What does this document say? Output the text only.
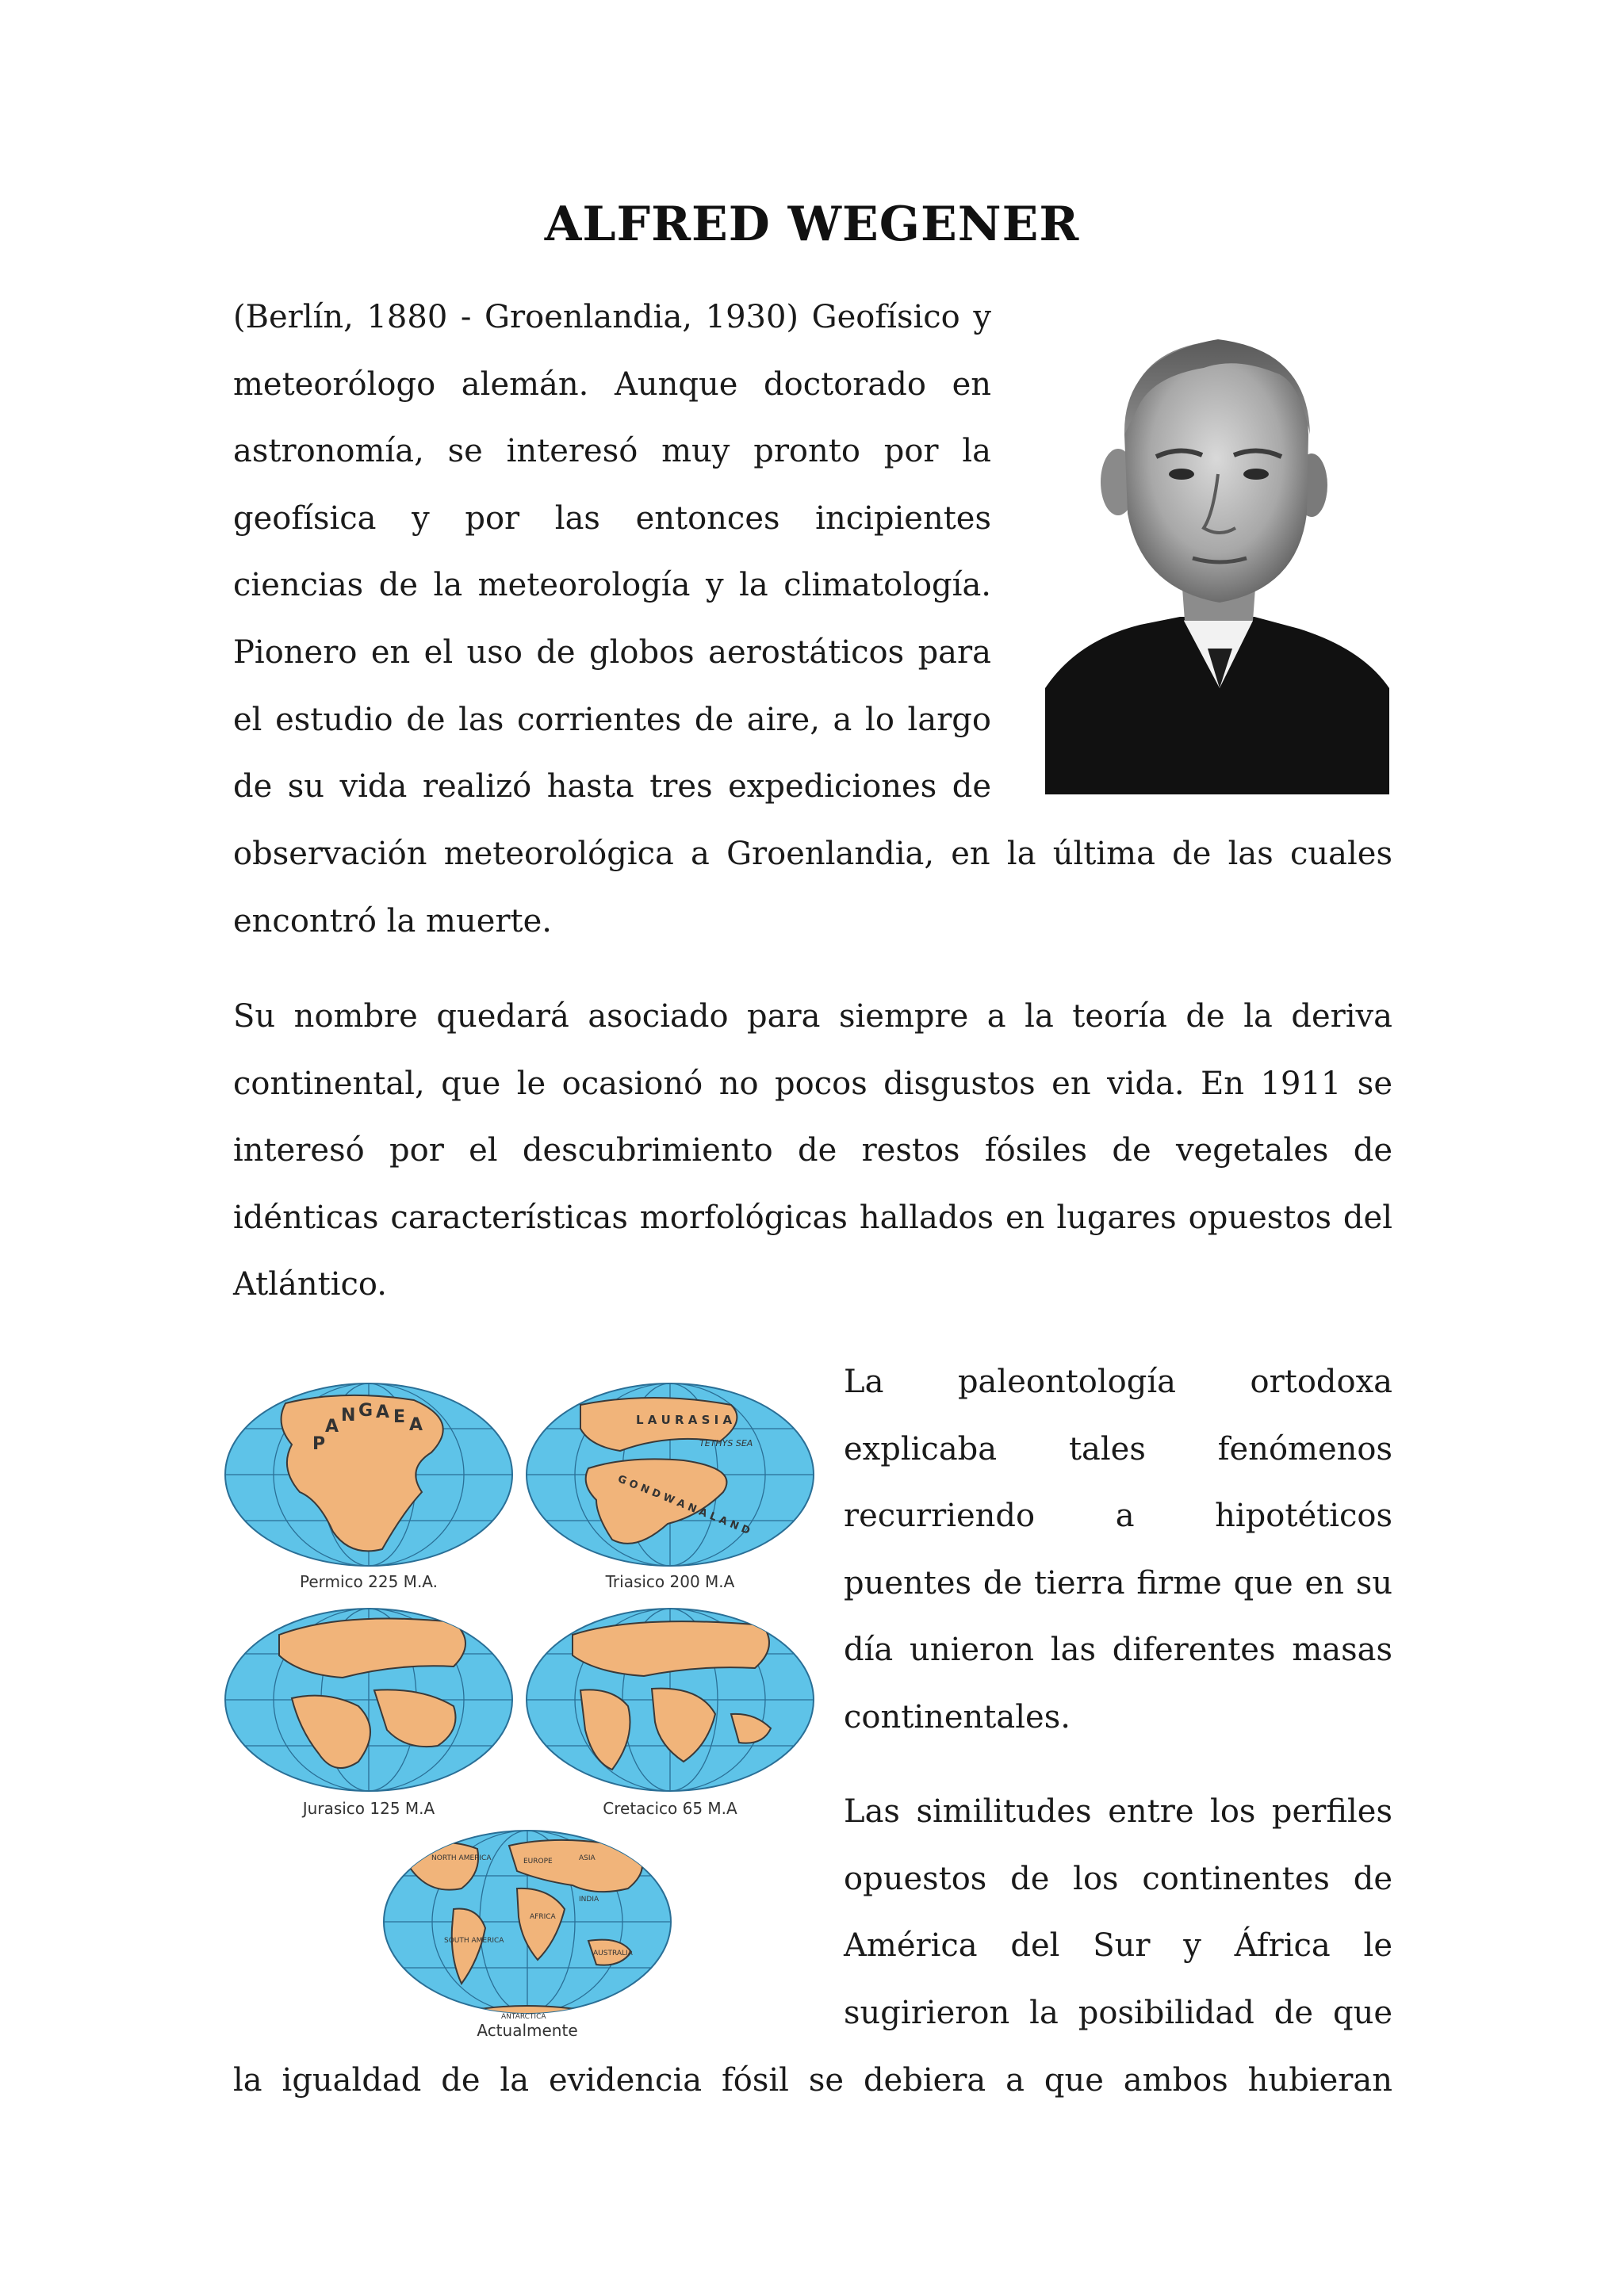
ALFRED WEGENER
(Berlín, 1880 - Groenlandia, 1930) Geofísico y
meteorólogo alemán. Aunque doctorado en
astronomía, se interesó muy pronto por la
geofísica y por las entonces incipientes
ciencias de la meteorología y la climatología.
Pionero en el uso de globos aerostáticos para
el estudio de las corrientes de aire, a lo largo
de su vida realizó hasta tres expediciones de

observación meteorológica a Groenlandia, en la última de las cuales encontró la muerte.

Su nombre quedará asociado para siempre a la teoría de la deriva continental, que le ocasionó no pocos disgustos en vida. En 1911 se interesó por el descubrimiento de restos fósiles de vegetales de idénticas características morfológicas hallados en lugares opuestos del Atlántico.

P
A
N G A E A
Permico 225 M.A.
L A U R A S I A
TETHYS SEA
G O N D W A N A L A N D
Triasico 200 M.A
Jurasico 125 M.A	Cretacico 65 M.A
NORTH AMERICA	ASIA
EUROPE
AFRICA
SOUTH AMERICA
INDIA
AUSTRALIA
ANTARCTICA
Actualmente
La paleontología ortodoxa
explicaba tales fenómenos
recurriendo a hipotéticos
puentes de tierra firme que en su
día unieron las diferentes masas
continentales.
Las similitudes entre los perfiles
opuestos de los continentes de
América del Sur y África le
sugirieron la posibilidad de que

la igualdad de la evidencia fósil se debiera a que ambos hubieran
